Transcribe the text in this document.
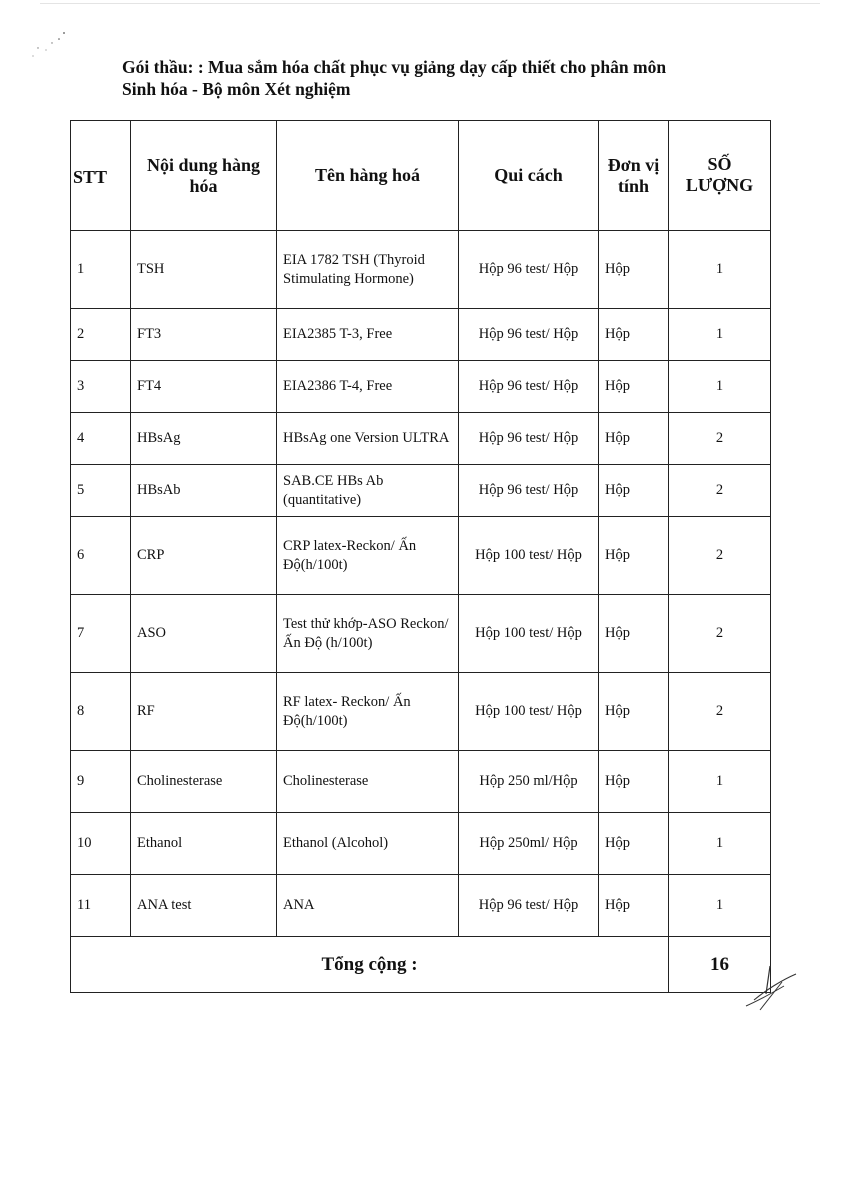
Gói thầu: : Mua sắm hóa chất phục vụ giảng dạy cấp thiết cho phân môn
Sinh hóa - Bộ môn Xét nghiệm
STT	Nội dung hàng hóa	Tên hàng hoá	Qui cách	Đơn vị tính	SỐ LƯỢNG
1	TSH	EIA 1782 TSH (Thyroid Stimulating Hormone)	Hộp 96 test/ Hộp	Hộp	1
2	FT3	EIA2385 T-3, Free	Hộp 96 test/ Hộp	Hộp	1
3	FT4	EIA2386 T-4, Free	Hộp 96 test/ Hộp	Hộp	1
4	HBsAg	HBsAg one Version ULTRA	Hộp 96 test/ Hộp	Hộp	2
5	HBsAb	SAB.CE HBs Ab (quantitative)	Hộp 96 test/ Hộp	Hộp	2
6	CRP	CRP latex-Reckon/ Ấn Độ(h/100t)	Hộp 100 test/ Hộp	Hộp	2
7	ASO	Test thử khớp-ASO Reckon/ Ấn Độ (h/100t)	Hộp 100 test/ Hộp	Hộp	2
8	RF	RF latex- Reckon/ Ấn Độ(h/100t)	Hộp 100 test/ Hộp	Hộp	2
9	Cholinesterase	Cholinesterase	Hộp 250 ml/Hộp	Hộp	1
10	Ethanol	Ethanol (Alcohol)	Hộp 250ml/ Hộp	Hộp	1
11	ANA test	ANA	Hộp 96 test/ Hộp	Hộp	1
Tổng cộng :					16
